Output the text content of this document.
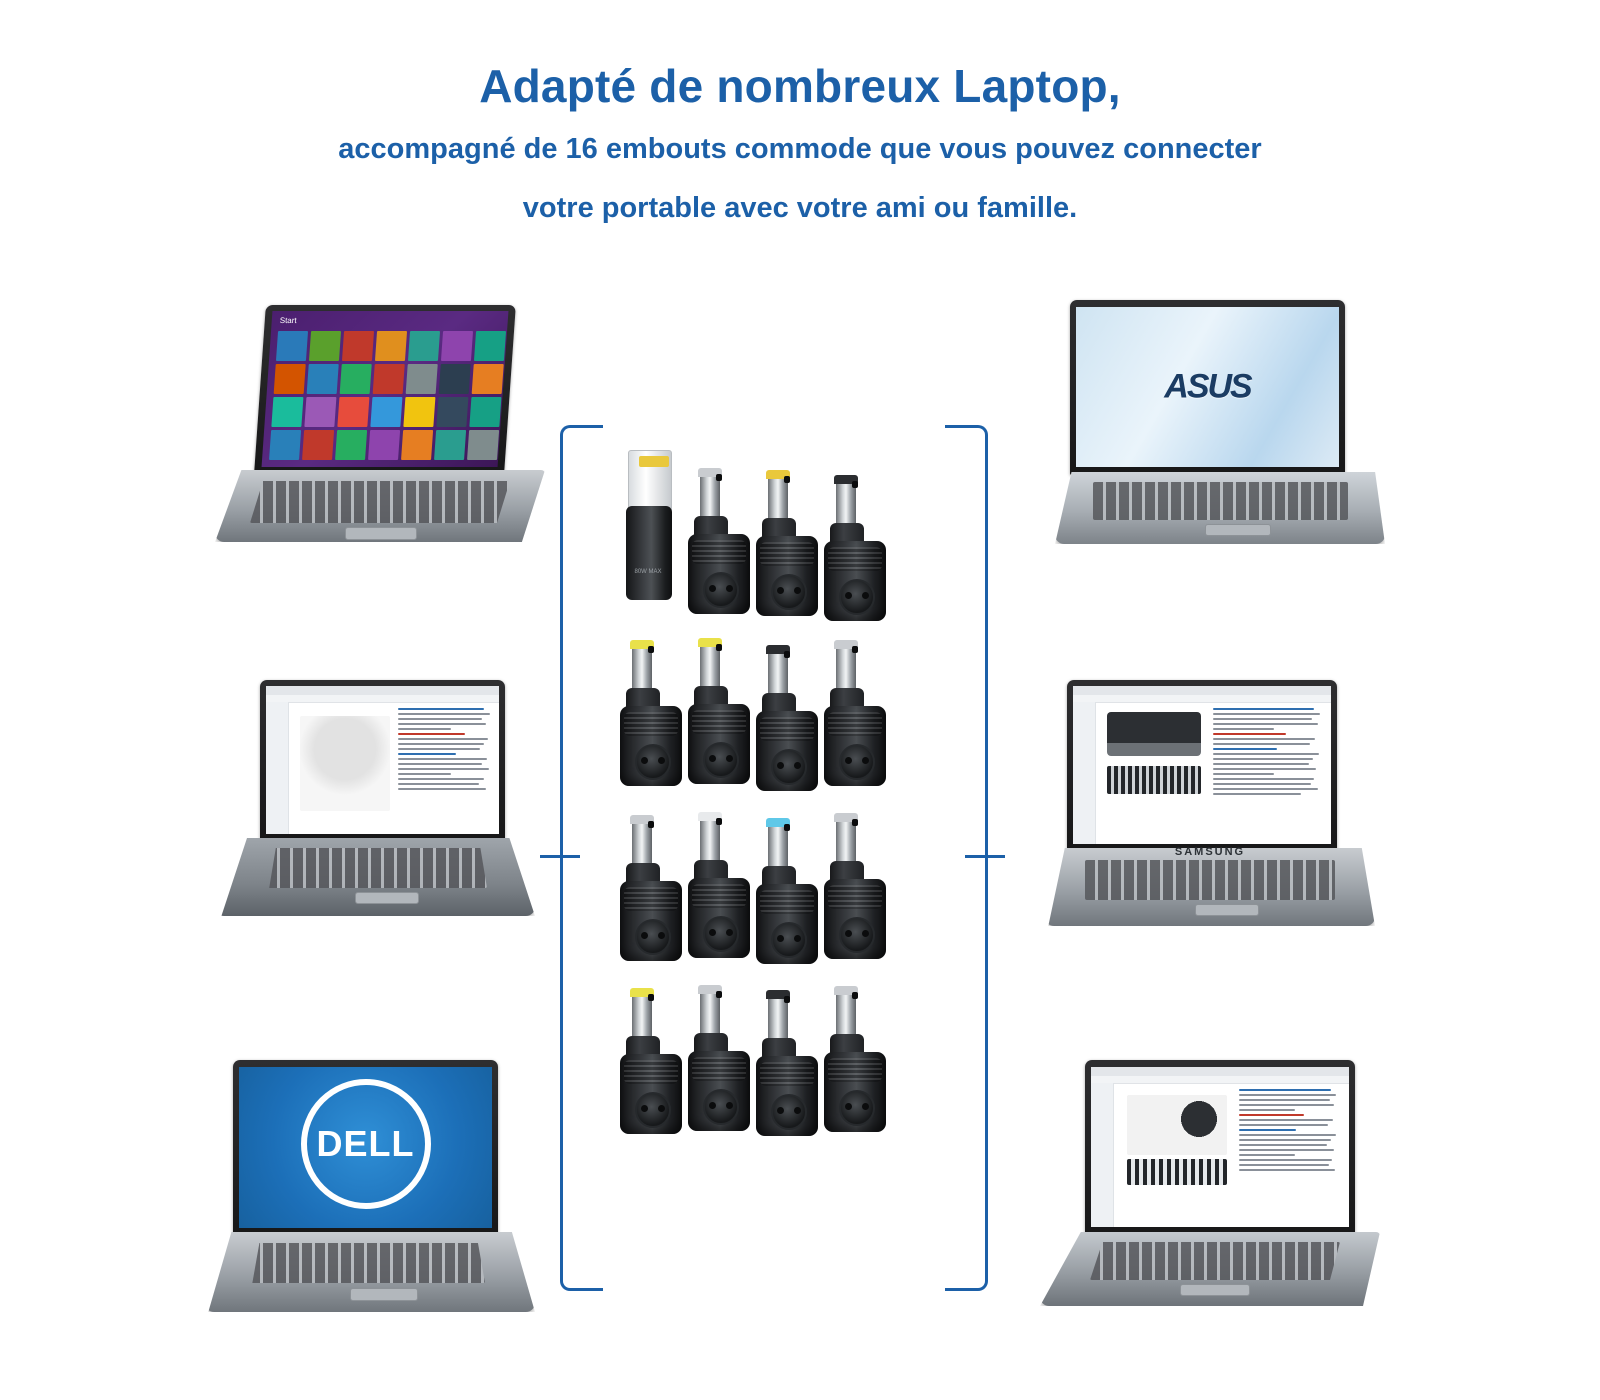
Adapté de nombreux Laptop,
accompagné de 16 embouts commode que vous pouvez connecter
votre portable avec votre ami ou famille.
Start
DELL
ASUS
SAMSUNG
80W MAX
